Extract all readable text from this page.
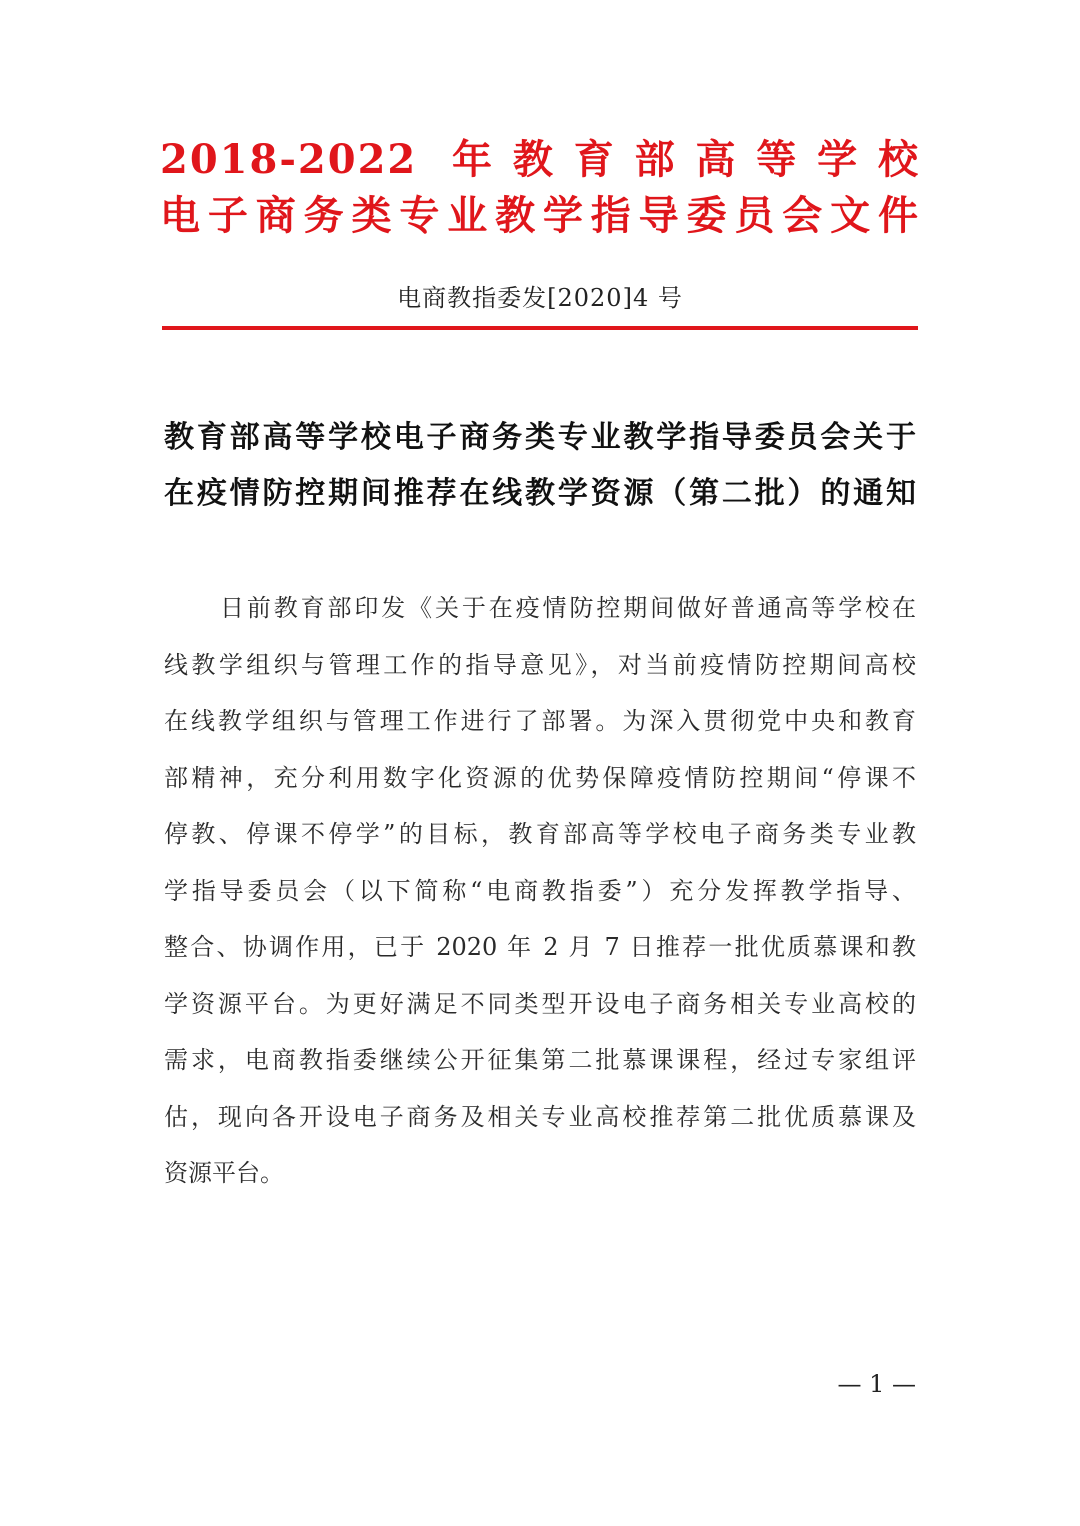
2018-2022 年教育部高等学校
电子商务类专业教学指导委员会文件
电商教指委发[2020]4 号
教育部高等学校电子商务类专业教学指导委员会关于
在疫情防控期间推荐在线教学资源（第二批）的通知
日前教育部印发《关于在疫情防控期间做好普通高等学校在
线教学组织与管理工作的指导意见》，对当前疫情防控期间高校
在线教学组织与管理工作进行了部署。为深入贯彻党中央和教育
部精神，充分利用数字化资源的优势保障疫情防控期间“停课不
停教、停课不停学”的目标，教育部高等学校电子商务类专业教
学指导委员会（以下简称“电商教指委”）充分发挥教学指导、
整合、协调作用，已于 2020 年 2 月 7 日推荐一批优质慕课和教
学资源平台。为更好满足不同类型开设电子商务相关专业高校的
需求，电商教指委继续公开征集第二批慕课课程，经过专家组评
估，现向各开设电子商务及相关专业高校推荐第二批优质慕课及
资源平台。
— 1 —
